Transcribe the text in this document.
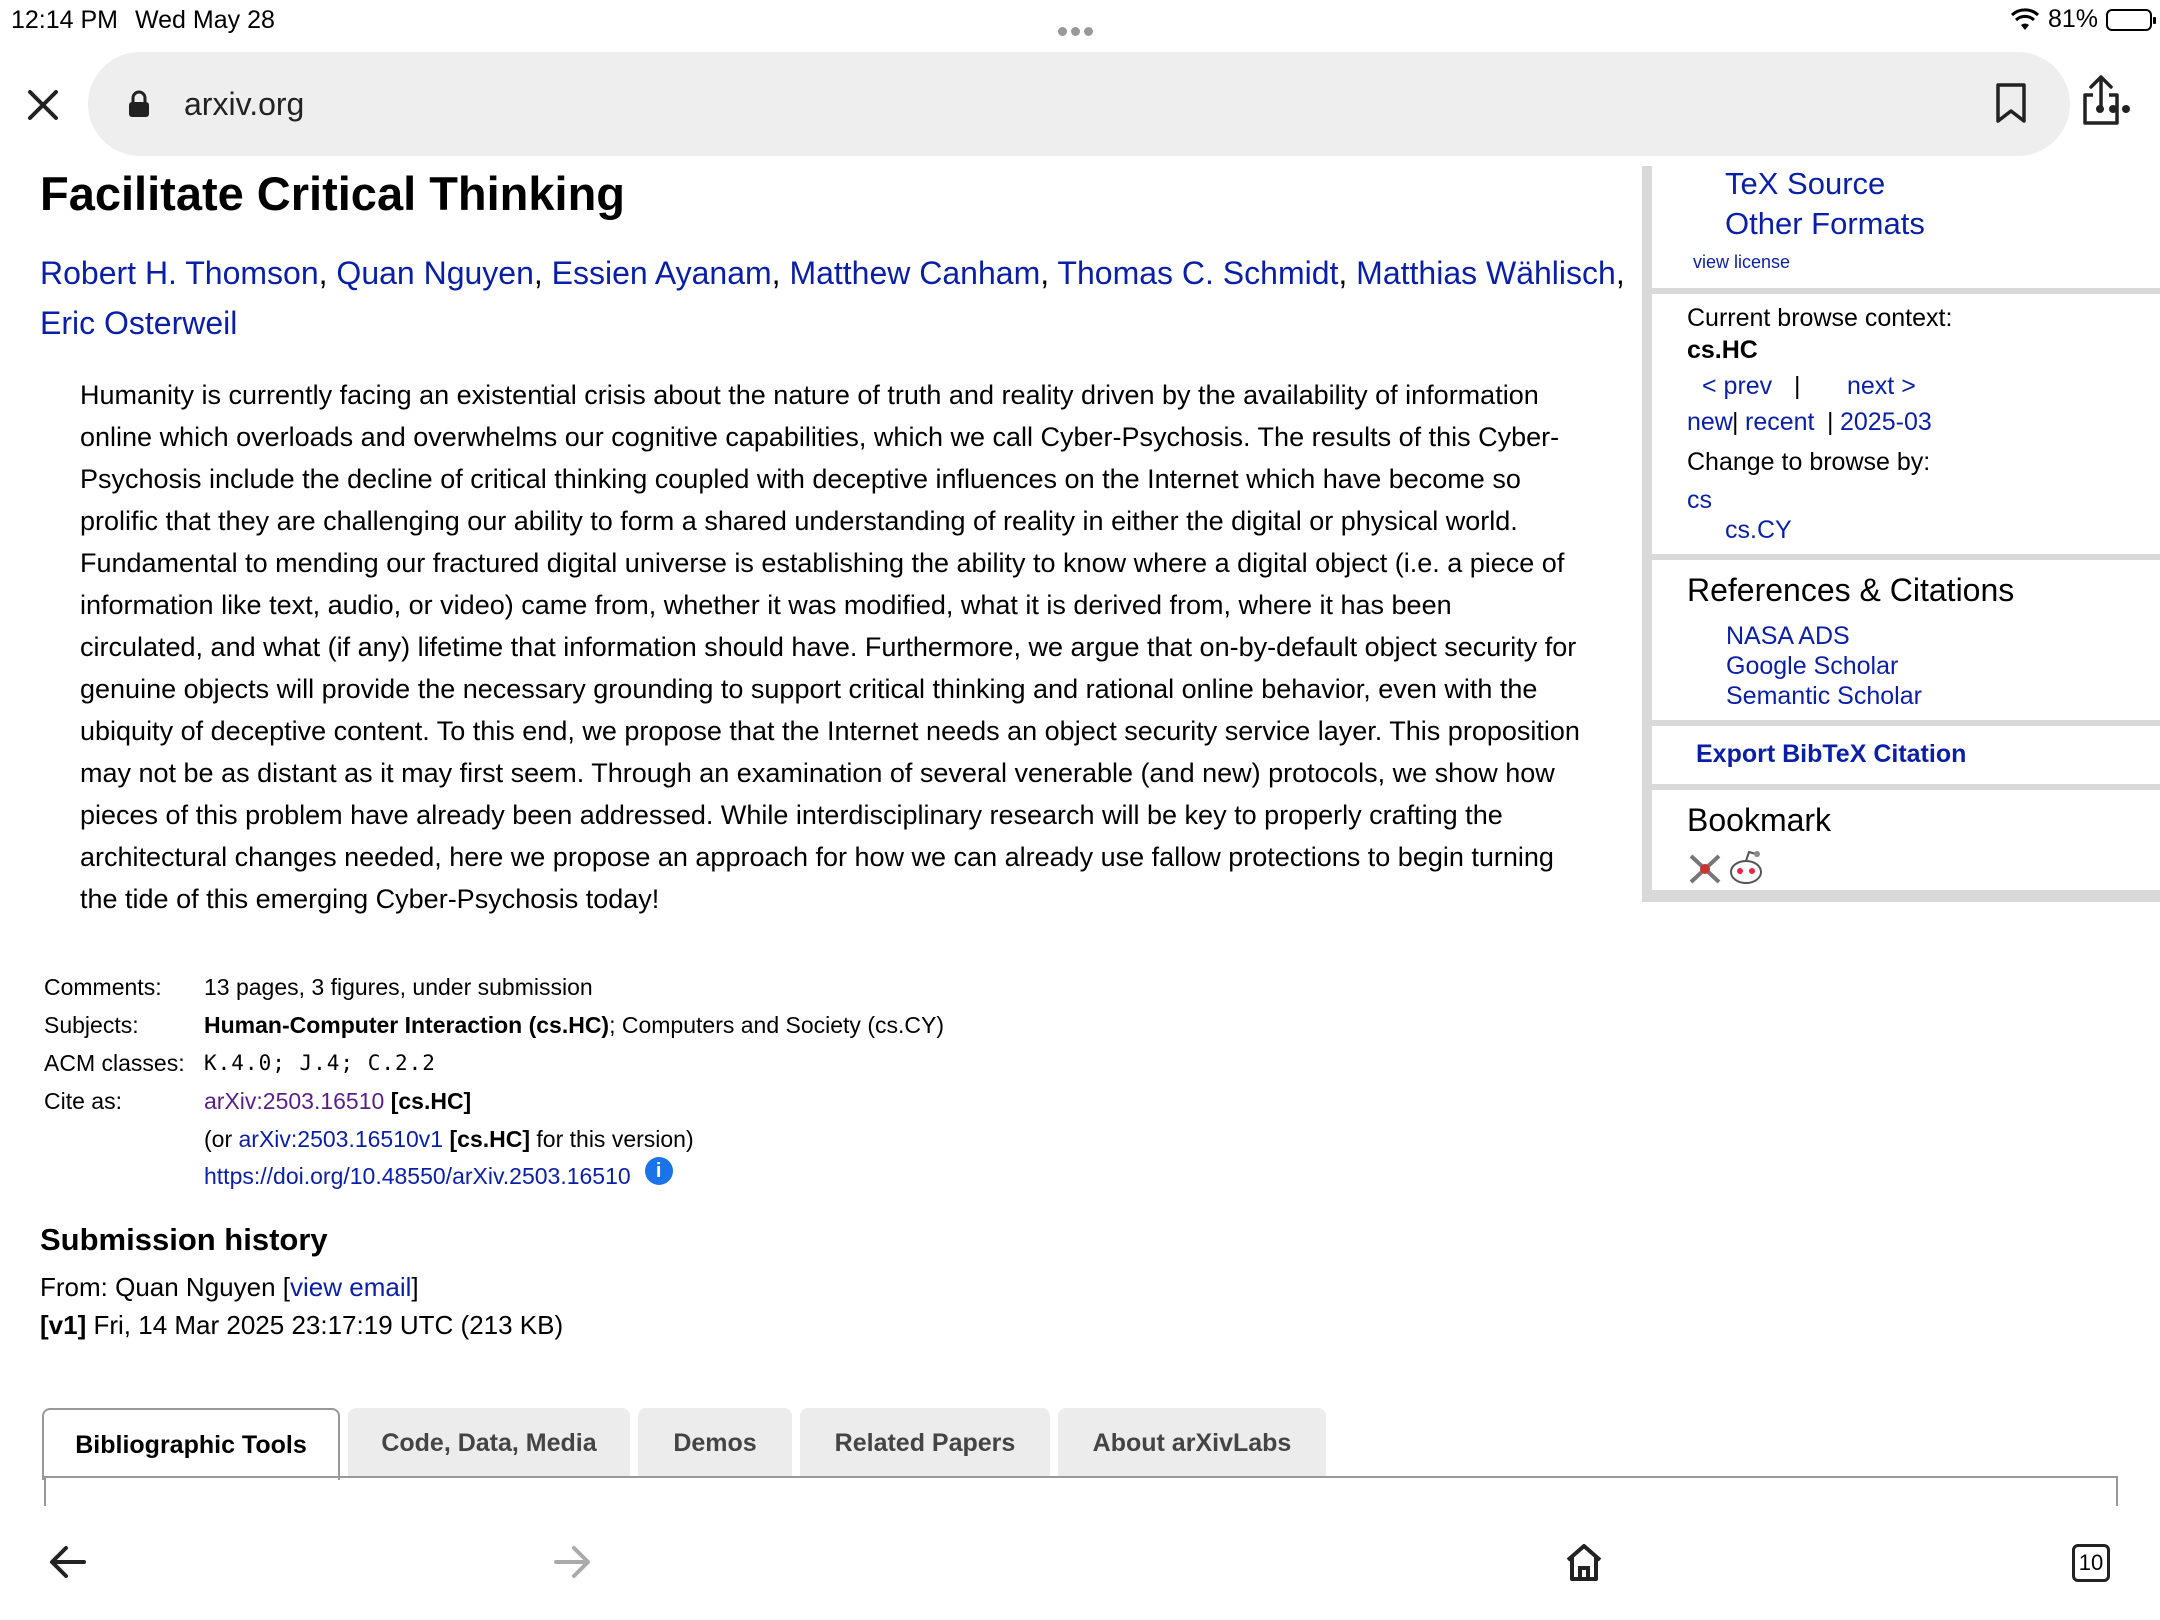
12:14 PM Wed May 28	81%
arxiv.org
Facilitate Critical Thinking
Robert H. Thomson, Quan Nguyen, Essien Ayanam, Matthew Canham, Thomas C. Schmidt, Matthias Wählisch,
Eric Osterweil

Humanity is currently facing an existential crisis about the nature of truth and reality driven by the availability of information online which overloads and overwhelms our cognitive capabilities, which we call Cyber-Psychosis. The results of this Cyber-Psychosis include the decline of critical thinking coupled with deceptive influences on the Internet which have become so prolific that they are challenging our ability to form a shared understanding of reality in either the digital or physical world. Fundamental to mending our fractured digital universe is establishing the ability to know where a digital object (i.e. a piece of information like text, audio, or video) came from, whether it was modified, what it is derived from, where it has been circulated, and what (if any) lifetime that information should have. Furthermore, we argue that on-by-default object security for genuine objects will provide the necessary grounding to support critical thinking and rational online behavior, even with the ubiquity of deceptive content. To this end, we propose that the Internet needs an object security service layer. This proposition may not be as distant as it may first seem. Through an examination of several venerable (and new) protocols, we show how pieces of this problem have already been addressed. While interdisciplinary research will be key to properly crafting the architectural changes needed, here we propose an approach for how we can already use fallow protections to begin turning the tide of this emerging Cyber-Psychosis today!

Comments:	13 pages, 3 figures, under submission
Subjects:	Human-Computer Interaction (cs.HC); Computers and Society (cs.CY)
ACM classes: K.4.0; J.4; C.2.2
Cite as:	arXiv:2503.16510 [cs.HC]
(or arXiv:2503.16510v1 [cs.HC] for this version)
https://doi.org/10.48550/arXiv.2503.16510 i
Submission history
From: Quan Nguyen [view email]
[v1] Fri, 14 Mar 2025 23:17:19 UTC (213 KB)
Bibliographic Tools	Code, Data, Media	Demos	Related Papers	About arXivLabs
TeX Source
Other Formats
view license
Current browse context:
cs.HC
< prev | next >
new | recent | 2025-03
Change to browse by:
cs
cs.CY
References & Citations
NASA ADS
Google Scholar
Semantic Scholar
Export BibTeX Citation
Bookmark
10
